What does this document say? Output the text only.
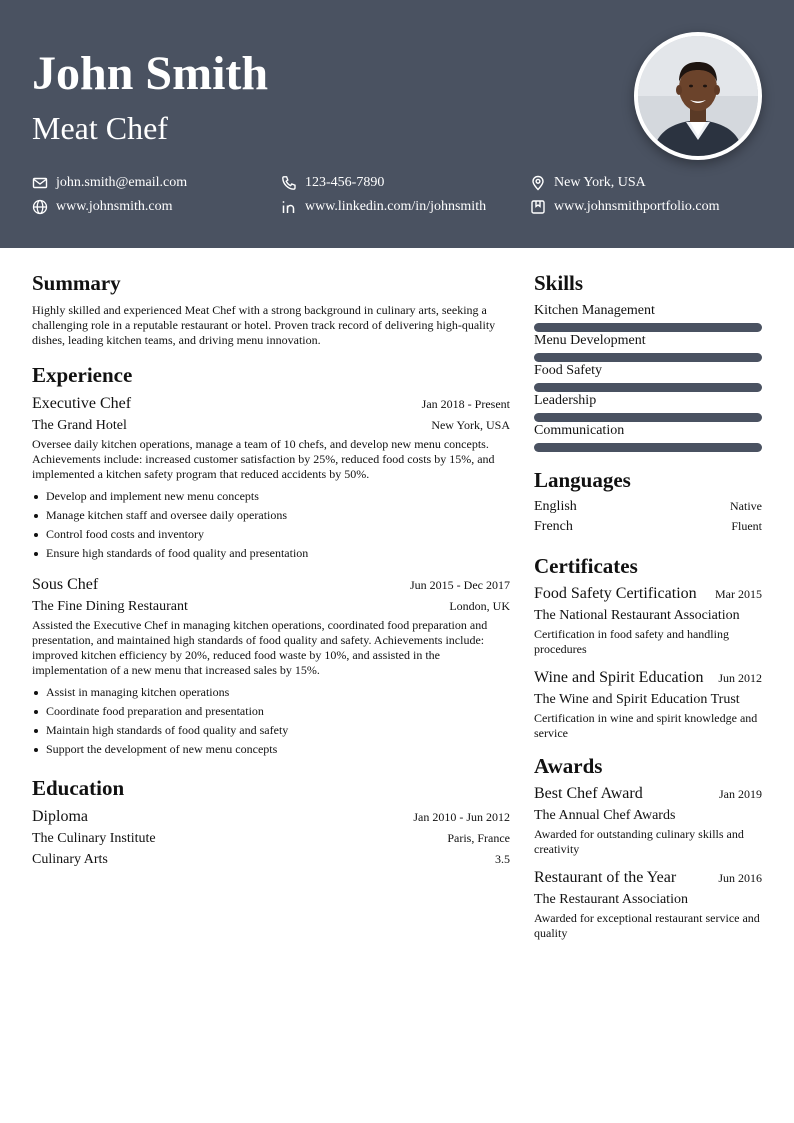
John Smith
Meat Chef
john.smith@email.com	123-456-7890	New York, USA
www.johnsmith.com	www.linkedin.com/in/johnsmith	www.johnsmithportfolio.com
Summary
Highly skilled and experienced Meat Chef with a strong background in culinary arts, seeking a challenging role in a reputable restaurant or hotel. Proven track record of delivering high-quality dishes, leading kitchen teams, and driving menu innovation.
Experience
Executive Chef	Jan 2018 - Present
The Grand Hotel	New York, USA
Oversee daily kitchen operations, manage a team of 10 chefs, and develop new menu concepts. Achievements include: increased customer satisfaction by 25%, reduced food costs by 15%, and implemented a kitchen safety program that reduced accidents by 50%.
Develop and implement new menu concepts
Manage kitchen staff and oversee daily operations
Control food costs and inventory
Ensure high standards of food quality and presentation
Sous Chef	Jun 2015 - Dec 2017
The Fine Dining Restaurant	London, UK
Assisted the Executive Chef in managing kitchen operations, coordinated food preparation and presentation, and maintained high standards of food quality and safety. Achievements include: improved kitchen efficiency by 20%, reduced food waste by 10%, and assisted in the implementation of a new menu that increased sales by 15%.
Assist in managing kitchen operations
Coordinate food preparation and presentation
Maintain high standards of food quality and safety
Support the development of new menu concepts
Education
Diploma	Jan 2010 - Jun 2012
The Culinary Institute	Paris, France
Culinary Arts	3.5
Skills
Kitchen Management
Menu Development
Food Safety
Leadership
Communication
Languages
English	Native
French	Fluent
Certificates
Food Safety Certification Mar 2015
The National Restaurant Association
Certification in food safety and handling procedures
Wine and Spirit Education Jun 2012
The Wine and Spirit Education Trust
Certification in wine and spirit knowledge and service
Awards
Best Chef Award	Jan 2019
The Annual Chef Awards
Awarded for outstanding culinary skills and creativity
Restaurant of the Year	Jun 2016
The Restaurant Association
Awarded for exceptional restaurant service and quality
